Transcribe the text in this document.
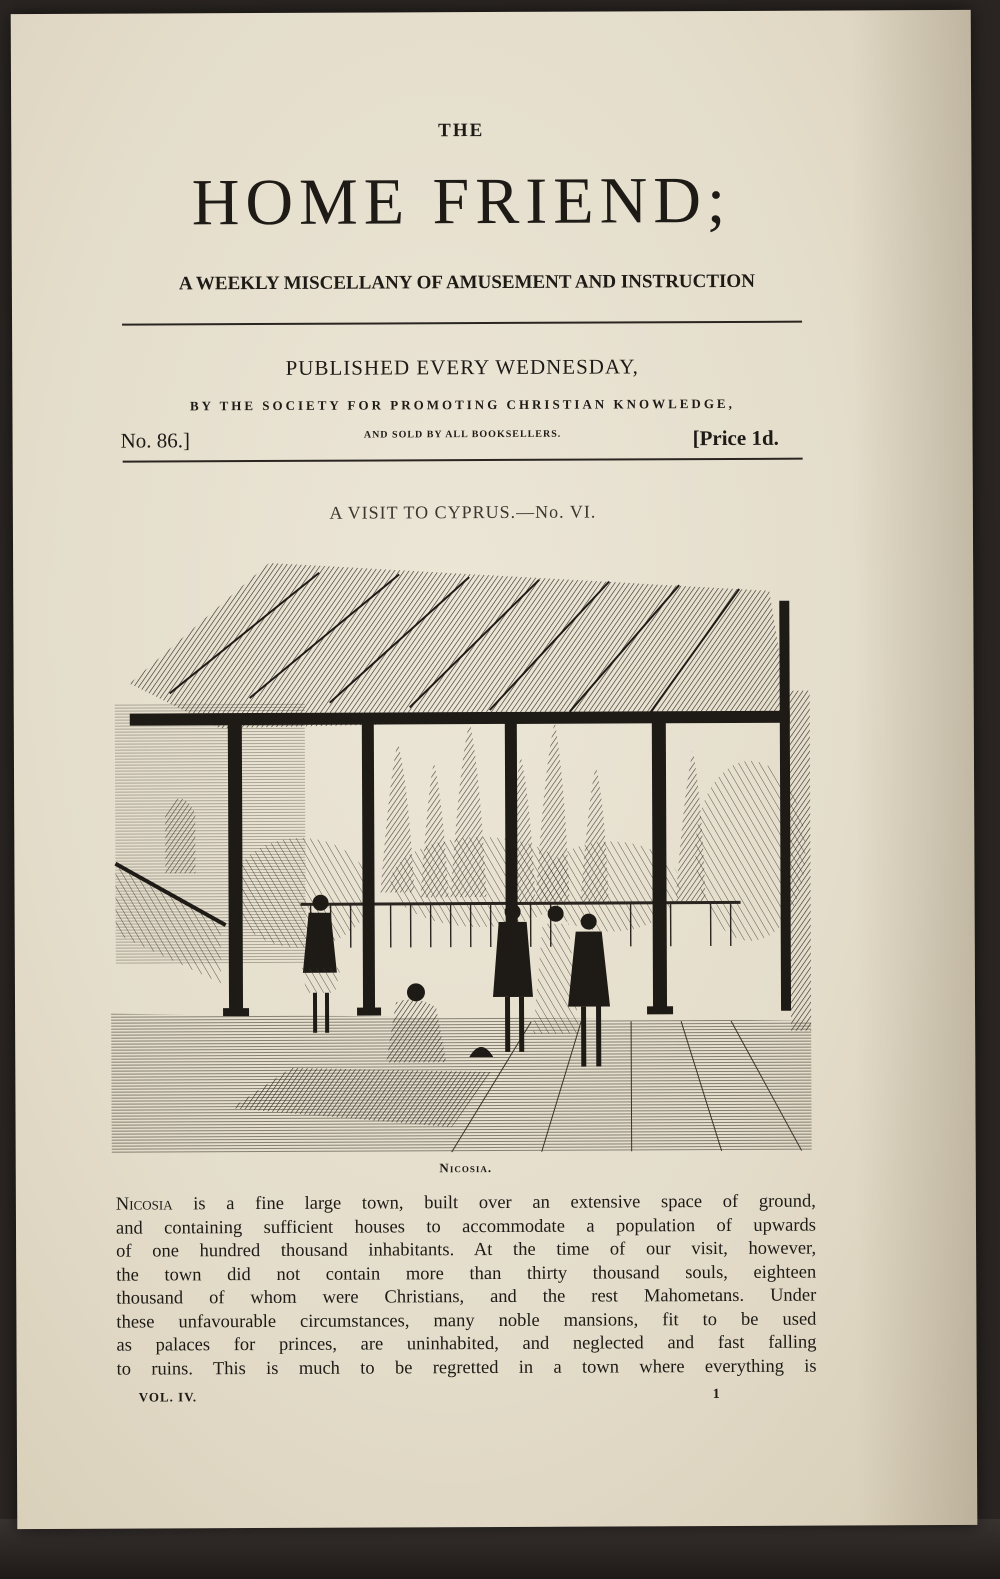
THE
HOME FRIEND;
A WEEKLY MISCELLANY OF AMUSEMENT AND INSTRUCTION
PUBLISHED EVERY WEDNESDAY,
BY THE SOCIETY FOR PROMOTING CHRISTIAN KNOWLEDGE,
AND SOLD BY ALL BOOKSELLERS.
No. 86.]	[Price 1d.
A VISIT TO CYPRUS.—No. VI.
Nicosia.
Nicosia is a fine large town, built over an extensive space of ground,
and containing sufficient houses to accommodate a population of upwards
of one hundred thousand inhabitants. At the time of our visit, however,
the town did not contain more than thirty thousand souls, eighteen
thousand of whom were Christians, and the rest Mahometans. Under
these unfavourable circumstances, many noble mansions, fit to be used
as palaces for princes, are uninhabited, and neglected and fast falling
to ruins. This is much to be regretted in a town where everything is
VOL. IV.	1
